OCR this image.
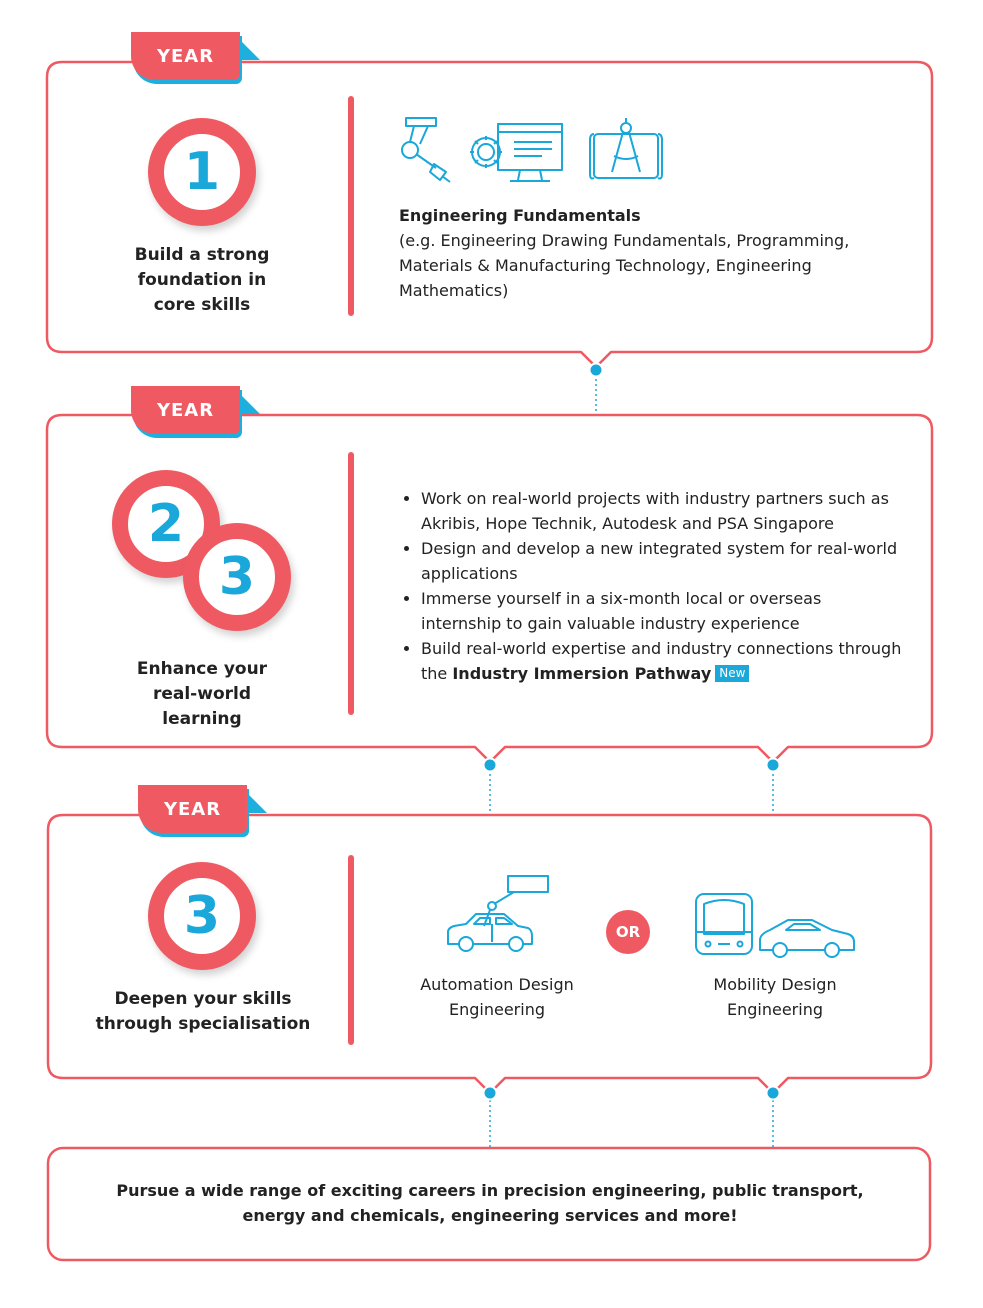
YEAR
YEAR
YEAR
1
Build a strong
foundation in
core skills
Engineering Fundamentals
(e.g. Engineering Drawing Fundamentals, Programming, Materials & Manufacturing Technology, Engineering Mathematics)
2
3
Enhance your
real-world
learning
• Work on real-world projects with industry partners such as Akribis, Hope Technik, Autodesk and PSA Singapore
• Design and develop a new integrated system for real-world applications
• Immerse yourself in a six-month local or overseas internship to gain valuable industry experience
• Build real-world expertise and industry connections through the Industry Immersion Pathway New
3
Deepen your skills
through specialisation
OR
Automation Design
Engineering
Mobility Design
Engineering
Pursue a wide range of exciting careers in precision engineering, public transport,
energy and chemicals, engineering services and more!
